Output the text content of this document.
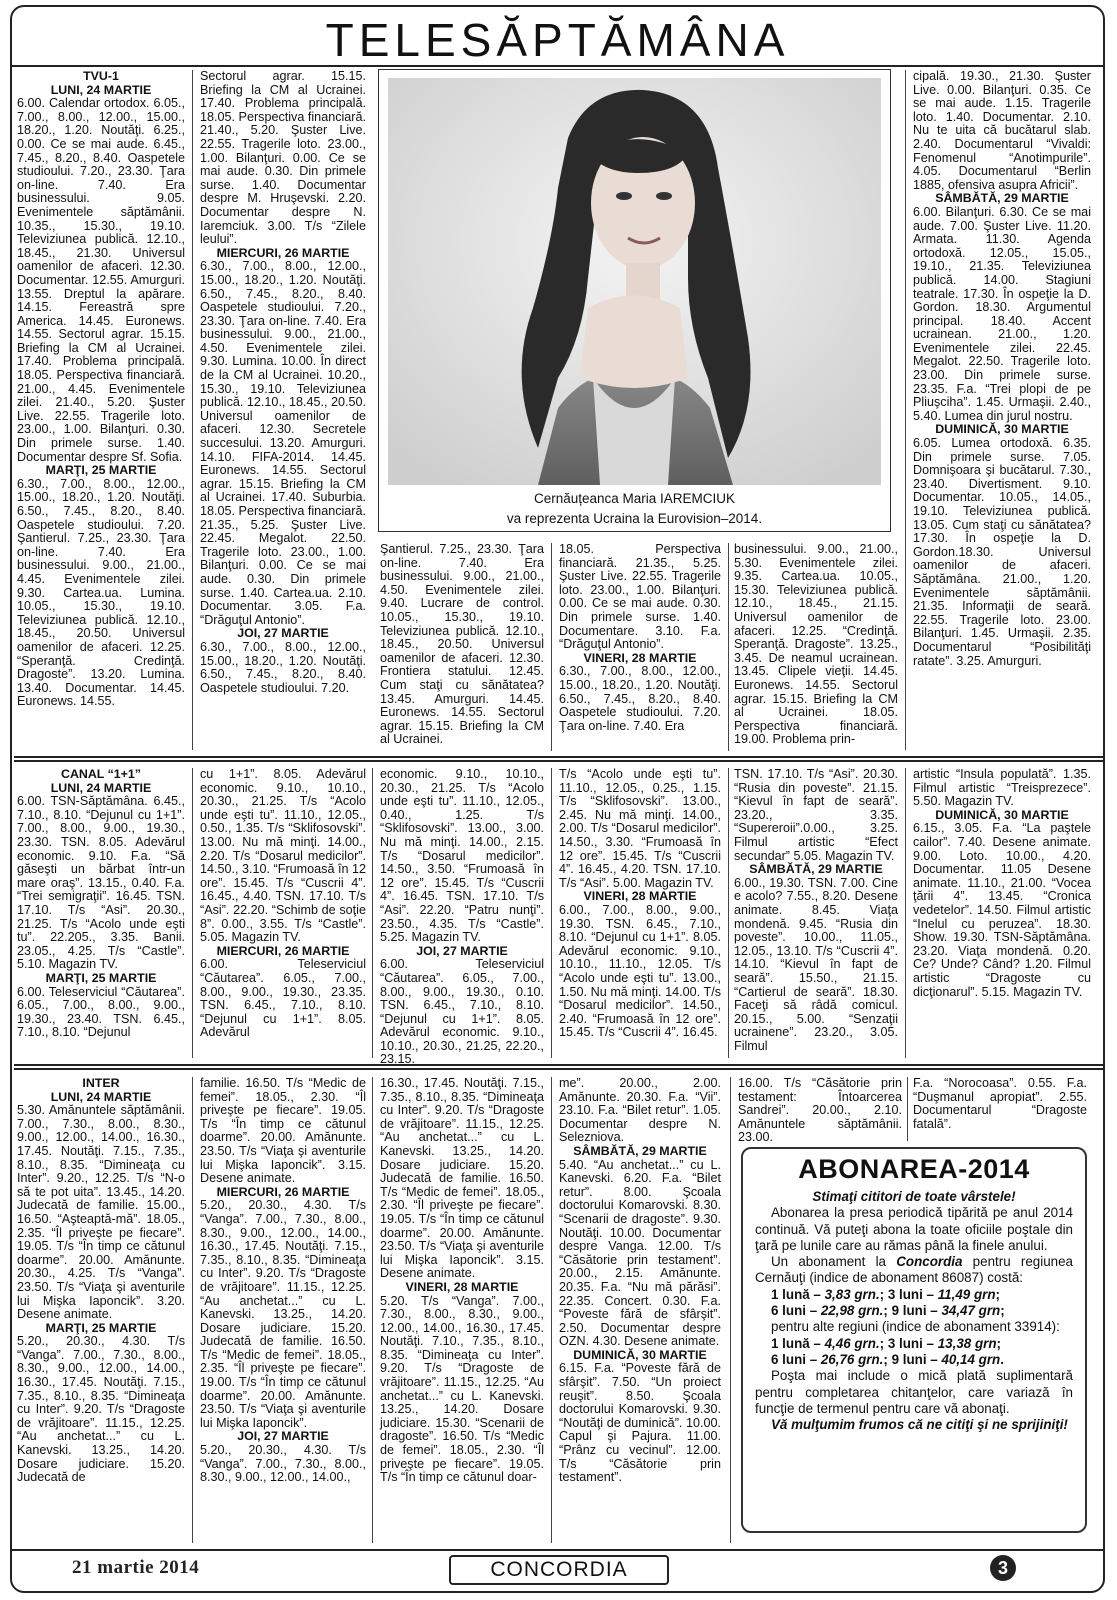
TELESĂPTĂMÂNA
TVU-1
LUNI, 24 MARTIE

6.00. Calendar ortodox. 6.05., 7.00., 8.00., 12.00., 15.00., 18.20., 1.20. Noutăţi. 6.25., 0.00. Ce se mai aude. 6.45., 7.45., 8.20., 8.40. Oaspetele studioului. 7.20., 23.30. Ţara on-line. 7.40. Era businessului. 9.05. Evenimentele săptămânii. 10.35., 15.30., 19.10. Televiziunea publică. 12.10., 18.45., 21.30. Universul oamenilor de afaceri. 12.30. Documentar. 12.55. Amurguri. 13.55. Dreptul la apărare. 14.15. Fereastră spre America. 14.45. Euronews. 14.55. Sectorul agrar. 15.15. Briefing la CM al Ucrainei. 17.40. Problema principală. 18.05. Perspectiva financiară. 21.00., 4.45. Evenimentele zilei. 21.40., 5.20. Şuster Live. 22.55. Tragerile loto. 23.00., 1.00. Bilanţuri. 0.30. Din primele surse. 1.40. Documentar despre Sf. Sofia.

MARŢI, 25 MARTIE

6.30., 7.00., 8.00., 12.00., 15.00., 18.20., 1.20. Noutăţi. 6.50., 7.45., 8.20., 8.40. Oaspetele studioului. 7.20. Şantierul. 7.25., 23.30. Ţara on-line. 7.40. Era businessului. 9.00., 21.00., 4.45. Evenimentele zilei. 9.30. Cartea.ua. Lumina. 10.05., 15.30., 19.10. Televiziunea publică. 12.10., 18.45., 20.50. Universul oamenilor de afaceri. 12.25. “Speranţă. Credinţă. Dragoste”. 13.20. Lumina. 13.40. Documentar. 14.45. Euronews. 14.55.

Sectorul agrar. 15.15. Briefing la CM al Ucrainei. 17.40. Problema principală. 18.05. Perspectiva financiară. 21.40., 5.20. Şuster Live. 22.55. Tragerile loto. 23.00., 1.00. Bilanţuri. 0.00. Ce se mai aude. 0.30. Din primele surse. 1.40. Documentar despre M. Hruşevski. 2.20. Documentar despre N. Iaremciuk. 3.00. T/s “Zilele leului”.

MIERCURI, 26 MARTIE

6.30., 7.00., 8.00., 12.00., 15.00., 18.20., 1.20. Noutăţi. 6.50., 7.45., 8.20., 8.40. Oaspetele studioului. 7.20., 23.30. Ţara on-line. 7.40. Era businessului. 9.00., 21.00., 4.50. Evenimentele zilei. 9.30. Lumina. 10.00. În direct de la CM al Ucrainei. 10.20., 15.30., 19.10. Televiziunea publică. 12.10., 18.45., 20.50. Universul oamenilor de afaceri. 12.30. Secretele succesului. 13.20. Amurguri. 14.10. FIFA-2014. 14.45. Euronews. 14.55. Sectorul agrar. 15.15. Briefing la CM al Ucrainei. 17.40. Suburbia. 18.05. Perspectiva financiară. 21.35., 5.25. Şuster Live. 22.45. Megalot. 22.50. Tragerile loto. 23.00., 1.00. Bilanţuri. 0.00. Ce se mai aude. 0.30. Din primele surse. 1.40. Cartea.ua. 2.10. Documentar. 3.05. F.a. “Drăguţul Antonio”.

JOI, 27 MARTIE

6.30., 7.00., 8.00., 12.00., 15.00., 18.20., 1.20. Noutăţi. 6.50., 7.45., 8.20., 8.40. Oaspetele studioului. 7.20.

Şantierul. 7.25., 23.30. Ţara on-line. 7.40. Era businessului. 9.00., 21.00., 4.50. Evenimentele zilei. 9.40. Lucrare de control. 10.05., 15.30., 19.10. Televiziunea publică. 12.10., 18.45., 20.50. Universul oamenilor de afaceri. 12.30. Frontiera statului. 12.45. Cum staţi cu sănătatea? 13.45. Amurguri. 14.45. Euronews. 14.55. Sectorul agrar. 15.15. Briefing la CM al Ucrainei.

18.05. Perspectiva financiară. 21.35., 5.25. Şuster Live. 22.55. Tragerile loto. 23.00., 1.00. Bilanţuri. 0.00. Ce se mai aude. 0.30. Din primele surse. 1.40. Documentare. 3.10. F.a. “Drăguţul Antonio”.

VINERI, 28 MARTIE

6.30., 7.00., 8.00., 12.00., 15.00., 18.20., 1.20. Noutăţi. 6.50., 7.45., 8.20., 8.40. Oaspetele studioului. 7.20. Ţara on-line. 7.40. Era

businessului. 9.00., 21.00., 5.30. Evenimentele zilei. 9.35. Cartea.ua. 10.05., 15.30. Televiziunea publică. 12.10., 18.45., 21.15. Universul oamenilor de afaceri. 12.25. “Credinţă. Speranţă. Dragoste”. 13.25., 3.45. De neamul ucrainean. 13.45. Clipele vieţii. 14.45. Euronews. 14.55. Sectorul agrar. 15.15. Briefing la CM al Ucrainei. 18.05. Perspectiva financiară. 19.00. Problema prin-

cipală. 19.30., 21.30. Şuster Live. 0.00. Bilanţuri. 0.35. Ce se mai aude. 1.15. Tragerile loto. 1.40. Documentar. 2.10. Nu te uita că bucătarul slab. 2.40. Documentarul “Vivaldi: Fenomenul “Anotimpurile”. 4.05. Documentarul “Berlin 1885, ofensiva asupra Africii”.

SÂMBĂTĂ, 29 MARTIE

6.00. Bilanţuri. 6.30. Ce se mai aude. 7.00. Şuster Live. 11.20. Armata. 11.30. Agenda ortodoxă. 12.05., 15.05., 19.10., 21.35. Televiziunea publică. 14.00. Stagiuni teatrale. 17.30. În ospeţie la D. Gordon. 18.30. Argumentul principal. 18.40. Accent ucrainean. 21.00., 1.20. Evenimentele zilei. 22.45. Megalot. 22.50. Tragerile loto. 23.00. Din primele surse. 23.35. F.a. “Trei plopi de pe Pliuşciha”. 1.45. Urmaşii. 2.40., 5.40. Lumea din jurul nostru.

DUMINICĂ, 30 MARTIE

6.05. Lumea ortodoxă. 6.35. Din primele surse. 7.05. Domnişoara şi bucătarul. 7.30., 23.40. Divertisment. 9.10. Documentar. 10.05., 14.05., 19.10. Televiziunea publică. 13.05. Cum staţi cu sănătatea? 17.30. În ospeţie la D. Gordon.18.30. Universul oamenilor de afaceri. Săptămâna. 21.00., 1.20. Evenimentele săptămânii. 21.35. Informaţii de seară. 22.55. Tragerile loto. 23.00. Bilanţuri. 1.45. Urmaşii. 2.35. Documentarul “Posibilităţi ratate”. 3.25. Amurguri.

Cernăuțeanca Maria IAREMCIUK
va reprezenta Ucraina la Eurovision–2014.
CANAL “1+1”
LUNI, 24 MARTIE

6.00. TSN-Săptămâna. 6.45., 7.10., 8.10. “Dejunul cu 1+1”. 7.00., 8.00., 9.00., 19.30., 23.30. TSN. 8.05. Adevărul economic. 9.10. F.a. “Să găseşti un bărbat într-un mare oraş”. 13.15., 0.40. F.a. “Trei semigraţii”. 16.45. TSN. 17.10. T/s “Asi”. 20.30., 21.25. T/s “Acolo unde eşti tu”. 22.205., 3.35. Banii. 23.05., 4.25. T/s “Castle”. 5.10. Magazin TV.

MARŢI, 25 MARTIE

6.00. Teleserviciul “Căutarea”. 6.05., 7.00., 8.00., 9.00., 19.30., 23.40. TSN. 6.45., 7.10., 8.10. “Dejunul

cu 1+1”. 8.05. Adevărul economic. 9.10., 10.10., 20.30., 21.25. T/s “Acolo unde eşti tu”. 11.10., 12.05., 0.50., 1.35. T/s “Sklifosovski”. 13.00. Nu mă minţi. 14.00., 2.20. T/s “Dosarul medicilor”. 14.50., 3.10. “Frumoasă în 12 ore”. 15.45. T/s “Cuscrii 4”. 16.45., 4.40. TSN. 17.10. T/s “Asi”. 22.20. “Schimb de soţie 8”. 0.00., 3.55. T/s “Castle”. 5.05. Magazin TV.

MIERCURI, 26 MARTIE

6.00. Teleserviciul “Căutarea”. 6.05., 7.00., 8.00., 9.00., 19.30., 23.35. TSN. 6.45., 7.10., 8.10. “Dejunul cu 1+1”. 8.05. Adevărul

economic. 9.10., 10.10., 20.30., 21.25. T/s “Acolo unde eşti tu”. 11.10., 12.05., 0.40., 1.25. T/s “Sklifosovski”. 13.00., 3.00. Nu mă minţi. 14.00., 2.15. T/s “Dosarul medicilor”. 14.50., 3.50. “Frumoasă în 12 ore”. 15.45. T/s “Cuscrii 4”. 16.45. TSN. 17.10. T/s “Asi”. 22.20. “Patru nunţi”. 23.50., 4.35. T/s “Castle”. 5.25. Magazin TV.

JOI, 27 MARTIE

6.00. Teleserviciul “Căutarea”. 6.05., 7.00., 8.00., 9.00., 19.30., 0.10. TSN. 6.45., 7.10., 8.10. “Dejunul cu 1+1”. 8.05. Adevărul economic. 9.10., 10.10., 20.30., 21.25, 22.20., 23.15.

T/s “Acolo unde eşti tu”. 11.10., 12.05., 0.25., 1.15. T/s “Sklifosovski”. 13.00., 2.45. Nu mă minţi. 14.00., 2.00. T/s “Dosarul medicilor”. 14.50., 3.30. “Frumoasă în 12 ore”. 15.45. T/s “Cuscrii 4”. 16.45., 4.20. TSN. 17.10. T/s “Asi”. 5.00. Magazin TV.

VINERI, 28 MARTIE

6.00., 7.00., 8.00., 9.00., 19.30. TSN. 6.45., 7.10., 8.10. “Dejunul cu 1+1”. 8.05. Adevărul economic. 9.10., 10.10., 11.10., 12.05. T/s “Acolo unde eşti tu”. 13.00., 1.50. Nu mă minţi. 14.00. T/s “Dosarul medicilor”. 14.50., 2.40. “Frumoasă în 12 ore”. 15.45. T/s “Cuscrii 4”. 16.45.

TSN. 17.10. T/s “Asi”. 20.30. “Rusia din poveste”. 21.15. “Kievul în fapt de seară”. 23.20., 3.35. “Supereroii”.0.00., 3.25. Filmul artistic “Efect secundar” 5.05. Magazin TV.

SÂMBĂTĂ, 29 MARTIE

6.00., 19.30. TSN. 7.00. Cine e acolo? 7.55., 8.20. Desene animate. 8.45. Viaţa mondenă. 9.45. “Rusia din poveste”. 10.00., 11.05., 12.05., 13.10. T/s “Cuscrii 4”. 14.10. “Kievul în fapt de seară”. 15.50., 21.15. “Cartierul de seară”. 18.30. Faceţi să râdă comicul. 20.15., 5.00. “Senzaţii ucrainene”. 23.20., 3.05. Filmul

artistic “Insula populată”. 1.35. Filmul artistic “Treisprezece”. 5.50. Magazin TV.

DUMINICĂ, 30 MARTIE

6.15., 3.05. F.a. “La paştele cailor”. 7.40. Desene animate. 9.00. Loto. 10.00., 4.20. Documentar. 11.05 Desene animate. 11.10., 21.00. “Vocea ţării 4”. 13.45. “Cronica vedetelor”. 14.50. Filmul artistic “Inelul cu peruzea”. 18.30. Show. 19.30. TSN-Săptămâna. 23.20. Viaţa mondenă. 0.20. Ce? Unde? Când? 1.20. Filmul artistic “Dragoste cu dicţionarul”. 5.15. Magazin TV.

INTER
LUNI, 24 MARTIE

5.30. Amănuntele săptămânii. 7.00., 7.30., 8.00., 8.30., 9.00., 12.00., 14.00., 16.30., 17.45. Noutăţi. 7.15., 7.35., 8.10., 8.35. “Dimineaţa cu Inter”. 9.20., 12.25. T/s “N-o să te pot uita”. 13.45., 14.20. Judecată de familie. 15.00., 16.50. “Aşteaptă-mă”. 18.05., 2.35. “Îl priveşte pe fiecare”. 19.05. T/s “În timp ce cătunul doarme”. 20.00. Amănunte. 20.30., 4.25. T/s “Vanga”. 23.50. T/s “Viaţa şi aventurile lui Mişka Iaponcik”. 3.20. Desene animate.

MARŢI, 25 MARTIE

5.20., 20.30., 4.30. T/s “Vanga”. 7.00., 7.30., 8.00., 8.30., 9.00., 12.00., 14.00., 16.30., 17.45. Noutăţi. 7.15., 7.35., 8.10., 8.35. “Dimineaţa cu Inter”. 9.20. T/s “Dragoste de vrăjitoare”. 11.15., 12.25. “Au anchetat...” cu L. Kanevski. 13.25., 14.20. Dosare judiciare. 15.20. Judecată de

familie. 16.50. T/s “Medic de femei”. 18.05., 2.30. “Îl priveşte pe fiecare”. 19.05. T/s “În timp ce cătunul doarme”. 20.00. Amănunte. 23.50. T/s “Viaţa şi aventurile lui Mişka Iaponcik”. 3.15. Desene animate.

MIERCURI, 26 MARTIE

5.20., 20.30., 4.30. T/s “Vanga”. 7.00., 7.30., 8.00., 8.30., 9.00., 12.00., 14.00., 16.30., 17.45. Noutăţi. 7.15., 7.35., 8.10., 8.35. “Dimineaţa cu Inter”. 9.20. T/s “Dragoste de vrăjitoare”. 11.15., 12.25. “Au anchetat...” cu L. Kanevski. 13.25., 14.20. Dosare judiciare. 15.20. Judecată de familie. 16.50. T/s “Medic de femei”. 18.05., 2.35. “Îl priveşte pe fiecare”. 19.00. T/s “În timp ce cătunul doarme”. 20.00. Amănunte. 23.50. T/s “Viaţa şi aventurile lui Mişka Iaponcik”.

JOI, 27 MARTIE

5.20., 20.30., 4.30. T/s “Vanga”. 7.00., 7.30., 8.00., 8.30., 9.00., 12.00., 14.00.,

16.30., 17.45. Noutăţi. 7.15., 7.35., 8.10., 8.35. “Dimineaţa cu Inter”. 9.20. T/s “Dragoste de vrăjitoare”. 11.15., 12.25. “Au anchetat...” cu L. Kanevski. 13.25., 14.20. Dosare judiciare. 15.20. Judecată de familie. 16.50. T/s “Medic de femei”. 18.05., 2.30. “Îl priveşte pe fiecare”. 19.05. T/s “În timp ce cătunul doarme”. 20.00. Amănunte. 23.50. T/s “Viaţa şi aventurile lui Mişka Iaponcik”. 3.15. Desene animate.

VINERI, 28 MARTIE

5.20. T/s “Vanga”. 7.00., 7.30., 8.00., 8.30., 9.00., 12.00., 14.00., 16.30., 17.45. Noutăţi. 7.10., 7.35., 8.10., 8.35. “Dimineaţa cu Inter”. 9.20. T/s “Dragoste de vrăjitoare”. 11.15., 12.25. “Au anchetat...” cu L. Kanevski. 13.25., 14.20. Dosare judiciare. 15.30. “Scenarii de dragoste”. 16.50. T/s “Medic de femei”. 18.05., 2.30. “Îl priveşte pe fiecare”. 19.05. T/s “În timp ce cătunul doar-

me”. 20.00., 2.00. Amănunte. 20.30. F.a. “Vii”. 23.10. F.a. “Bilet retur”. 1.05. Documentar despre N. Seleznіova.

SÂMBĂTĂ, 29 MARTIE

5.40. “Au anchetat...” cu L. Kanevski. 6.20. F.a. “Bilet retur”. 8.00. Şcoala doctorului Komarovski. 8.30. “Scenarii de dragoste”. 9.30. Noutăţi. 10.00. Documentar despre Vanga. 12.00. T/s “Căsătorie prin testament”. 20.00., 2.15. Amănunte. 20.35. F.a. “Nu mă părăsi”. 22.35. Concert. 0.30. F.a. “Poveste fără de sfârşit”. 2.50. Documentar despre OZN. 4.30. Desene animate.

DUMINICĂ, 30 MARTIE

6.15. F.a. “Poveste fără de sfârşit”. 7.50. “Un proiect reuşit”. 8.50. Şcoala doctorului Komarovski. 9.30. “Noutăţi de duminică”. 10.00. Capul şi Pajura. 11.00. “Prânz cu vecinul”. 12.00. T/s “Căsătorie prin testament”.

16.00. T/s “Căsătorie prin testament: Întoarcerea Sandrei”. 20.00., 2.10. Amănuntele săptămânii. 23.00.

F.a. “Norocoasa”. 0.55. F.a. “Duşmanul apropiat”. 2.55. Documentarul “Dragoste fatală”.

ABONAREA-2014

Stimaţi cititori de toate vârstele!

Abonarea la presa periodică tipărită pe anul 2014 continuă. Vă puteţi abona la toate oficiile poştale din ţară pe lunile care au rămas până la finele anului.

Un abonament la Concordia pentru regiunea Cernăuţi (indice de abonament 86087) costă:

1 lună – 3,83 grn.; 3 luni – 11,49 grn;

6 luni – 22,98 grn.; 9 luni – 34,47 grn;

pentru alte regiuni (indice de abonament 33914):

1 lună – 4,46 grn.; 3 luni – 13,38 grn;

6 luni – 26,76 grn.; 9 luni – 40,14 grn.

Poşta mai include o mică plată suplimentară pentru completarea chitanţelor, care variază în funcţie de termenul pentru care vă abonaţi.

Vă mulţumim frumos că ne citiţi şi ne sprijiniţi!

21 martie 2014	CONCORDIA	3
